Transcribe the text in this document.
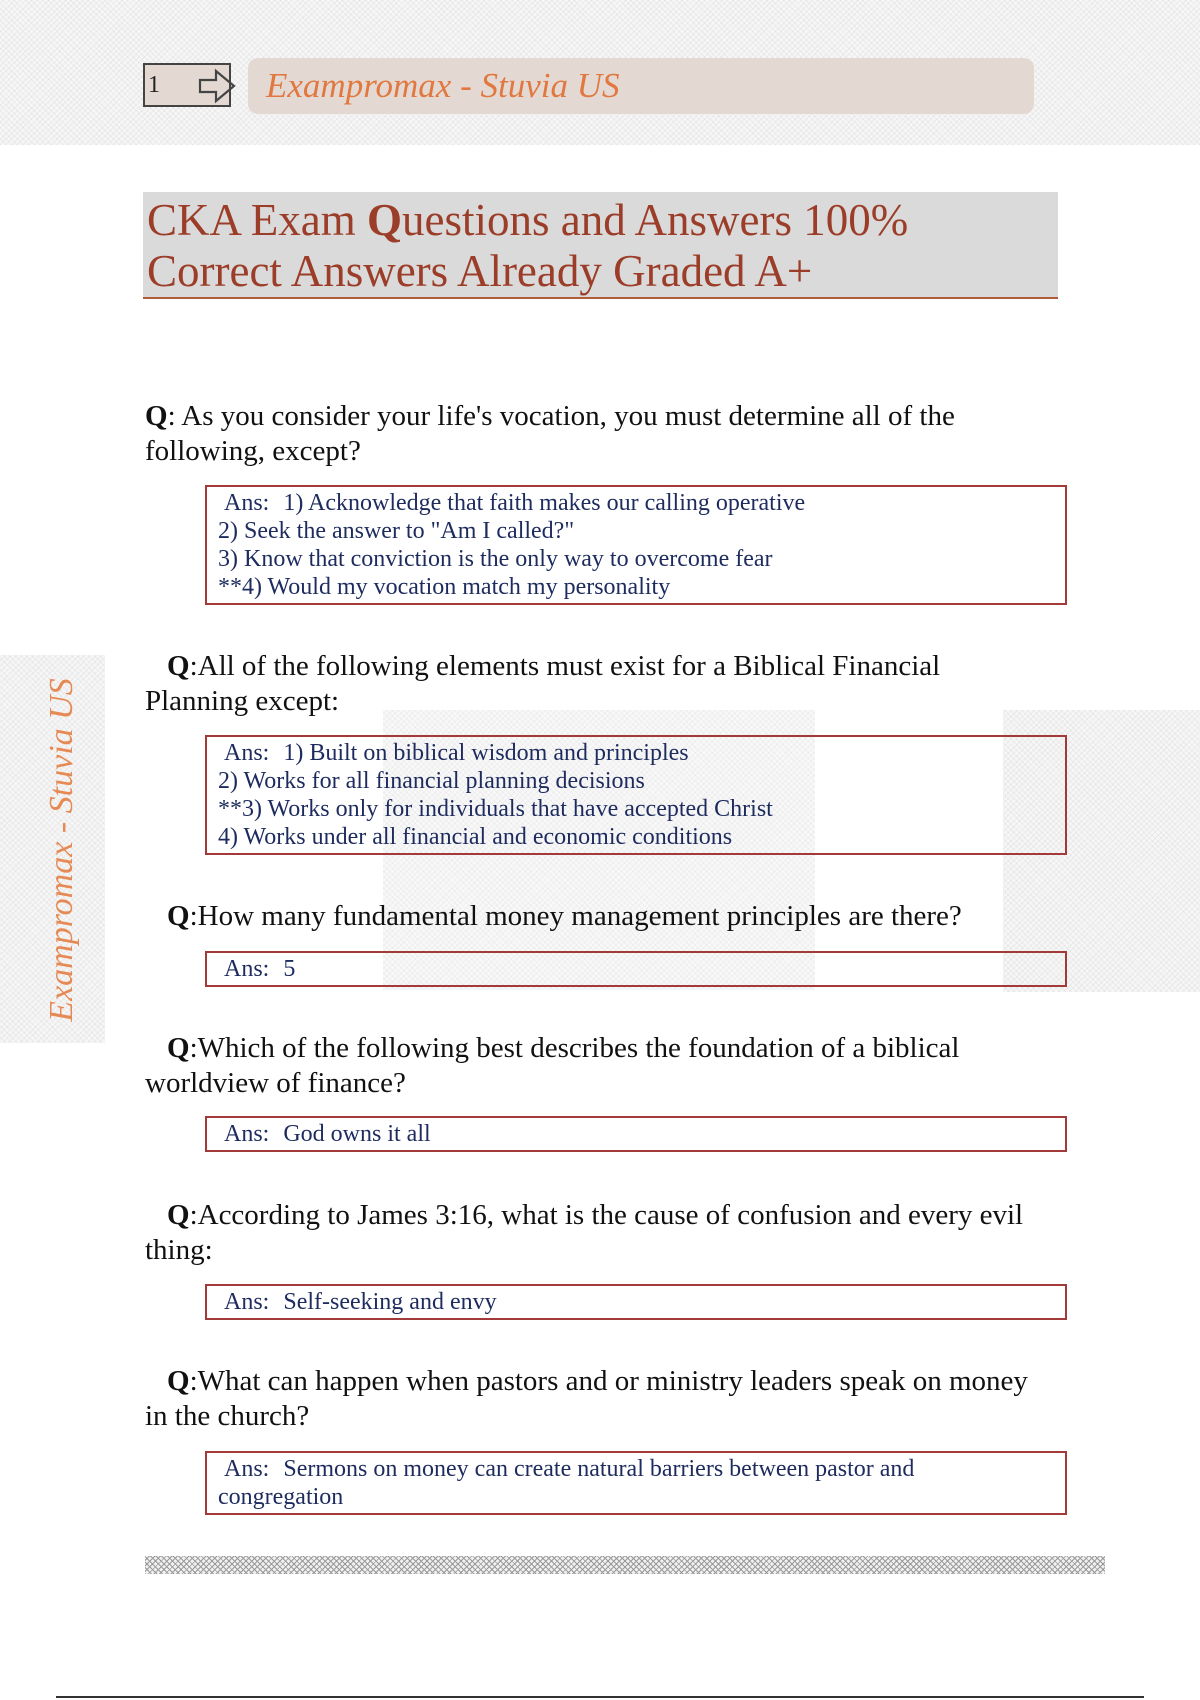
1	Exampromax - Stuvia US
Exampromax - Stuvia US
CKA Exam Questions and Answers 100%
Correct Answers Already Graded A+
Q: As you consider your life's vocation, you must determine all of the following, except?
Ans: 1) Acknowledge that faith makes our calling operative
2) Seek the answer to "Am I called?"
3) Know that conviction is the only way to overcome fear
**4) Would my vocation match my personality
Q:All of the following elements must exist for a Biblical Financial Planning except:
Ans: 1) Built on biblical wisdom and principles
2) Works for all financial planning decisions
**3) Works only for individuals that have accepted Christ
4) Works under all financial and economic conditions
Q:How many fundamental money management principles are there?
Ans: 5
Q:Which of the following best describes the foundation of a biblical worldview of finance?
Ans: God owns it all
Q:According to James 3:16, what is the cause of confusion and every evil thing:
Ans: Self-seeking and envy
Q:What can happen when pastors and or ministry leaders speak on money in the church?
Ans: Sermons on money can create natural barriers between pastor and
congregation
